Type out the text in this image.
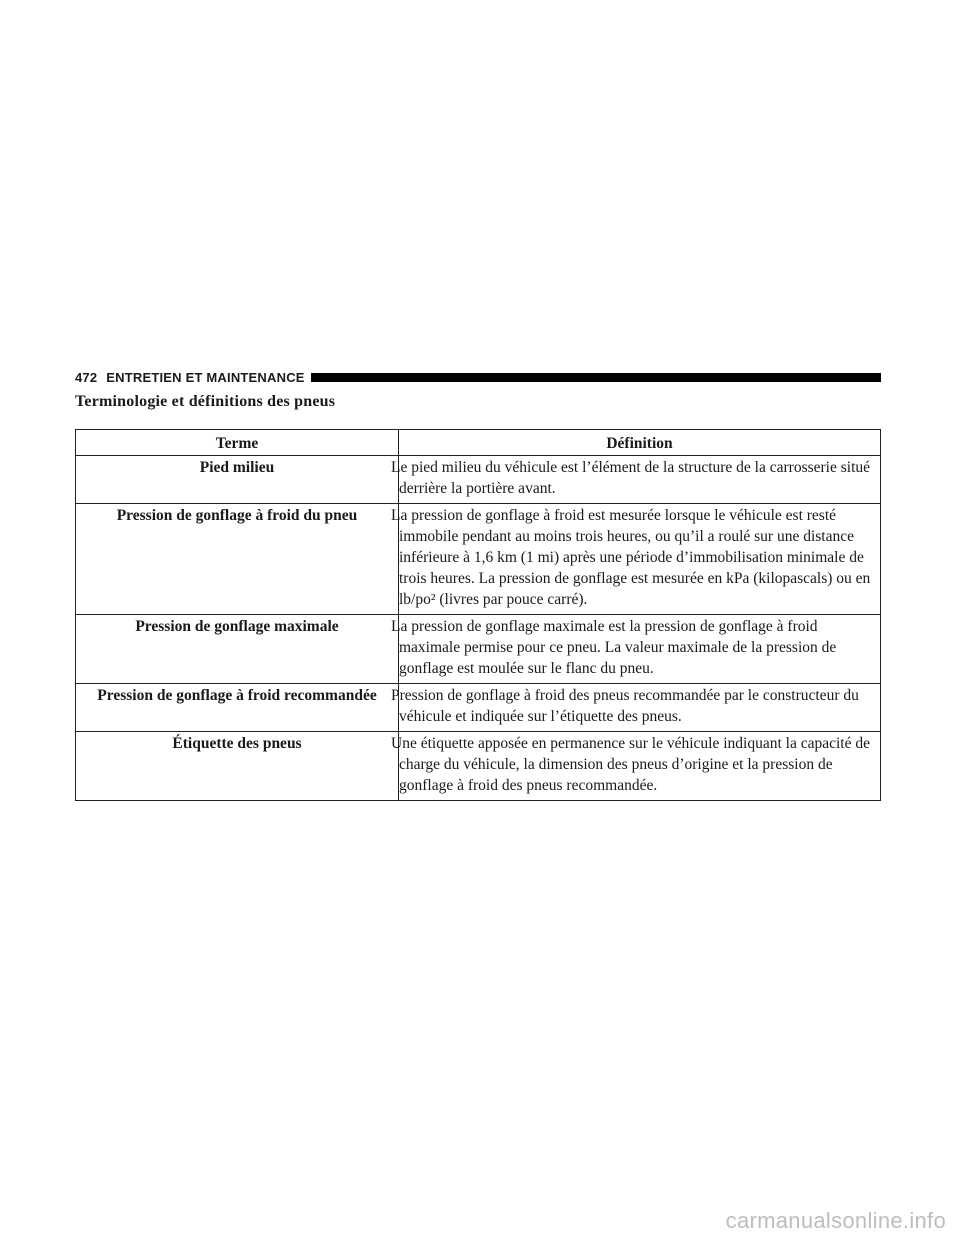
472 ENTRETIEN ET MAINTENANCE
Terminologie et définitions des pneus
Terme	Définition
Pied milieu	Le pied milieu du véhicule est l’élément de la structure de la carrosserie situé derrière la portière avant.
Pression de gonflage à froid du pneu	La pression de gonflage à froid est mesurée lorsque le véhicule est resté immobile pendant au moins trois heures, ou qu’il a roulé sur une distance inférieure à 1,6 km (1 mi) après une période d’immobilisation minimale de trois heures. La pression de gonflage est mesurée en kPa (kilopascals) ou en lb/po² (livres par pouce carré).
Pression de gonflage maximale	La pression de gonflage maximale est la pression de gonflage à froid maximale permise pour ce pneu. La valeur maximale de la pression de gonflage est moulée sur le flanc du pneu.
Pression de gonflage à froid recommandée	Pression de gonflage à froid des pneus recommandée par le constructeur du véhicule et indiquée sur l’étiquette des pneus.
Étiquette des pneus	Une étiquette apposée en permanence sur le véhicule indiquant la capacité de charge du véhicule, la dimension des pneus d’origine et la pression de gonflage à froid des pneus recommandée.
carmanualsonline.info
